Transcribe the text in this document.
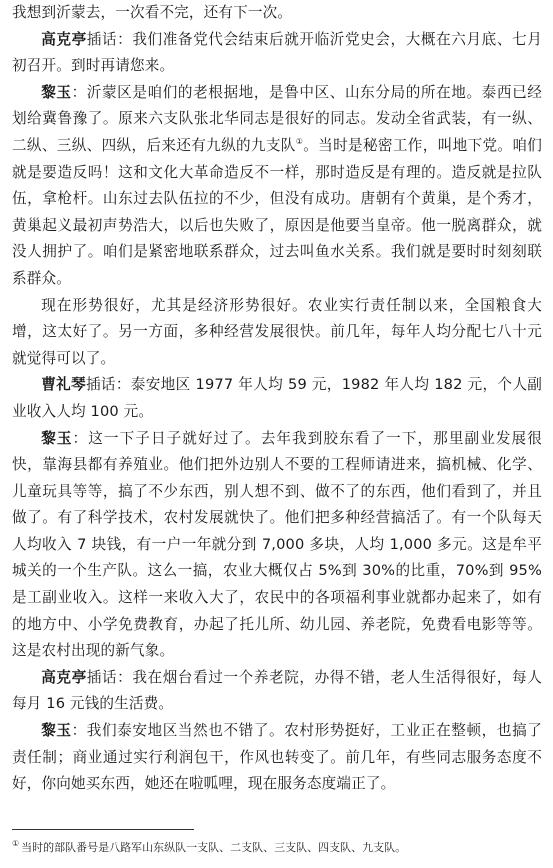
我想到沂蒙去，一次看不完，还有下一次。

高克亭插话：我们准备党代会结束后就开临沂党史会，大概在六月底、七月初召开。到时再请您来。

黎玉：沂蒙区是咱们的老根据地，是鲁中区、山东分局的所在地。泰西已经划给冀鲁豫了。原来六支队张北华同志是很好的同志。发动全省武装，有一纵、二纵、三纵、四纵，后来还有九纵的九支队①。当时是秘密工作，叫地下党。咱们就是要造反吗！这和文化大革命造反不一样，那时造反是有理的。造反就是拉队伍，拿枪杆。山东过去队伍拉的不少，但没有成功。唐朝有个黄巢，是个秀才，黄巢起义最初声势浩大，以后也失败了，原因是他要当皇帝。他一脱离群众，就没人拥护了。咱们是紧密地联系群众，过去叫鱼水关系。我们就是要时时刻刻联系群众。

现在形势很好，尤其是经济形势很好。农业实行责任制以来，全国粮食大增，这太好了。另一方面，多种经营发展很快。前几年，每年人均分配七八十元就觉得可以了。

曹礼琴插话：泰安地区 1977 年人均 59 元，1982 年人均 182 元，个人副业收入人均 100 元。

黎玉：这一下子日子就好过了。去年我到胶东看了一下，那里副业发展很快，靠海县都有养殖业。他们把外边别人不要的工程师请进来，搞机械、化学、儿童玩具等等，搞了不少东西，别人想不到、做不了的东西，他们看到了，并且做了。有了科学技术，农村发展就快了。他们把多种经营搞活了。有一个队每天人均收入 7 块钱，有一户一年就分到 7,000 多块，人均 1,000 多元。这是牟平城关的一个生产队。这么一搞，农业大概仅占 5%到 30%的比重，70%到 95%是工副业收入。这样一来收入大了，农民中的各项福利事业就都办起来了，如有的地方中、小学免费教育，办起了托儿所、幼儿园、养老院，免费看电影等等。这是农村出现的新气象。

高克亭插话：我在烟台看过一个养老院，办得不错，老人生活得很好，每人每月 16 元钱的生活费。

黎玉：我们泰安地区当然也不错了。农村形势挺好，工业正在整顿，也搞了责任制；商业通过实行利润包干，作风也转变了。前几年，有些同志服务态度不好，你向她买东西，她还在啦呱哩，现在服务态度端正了。

① 当时的部队番号是八路军山东纵队一支队、二支队、三支队、四支队、九支队。
